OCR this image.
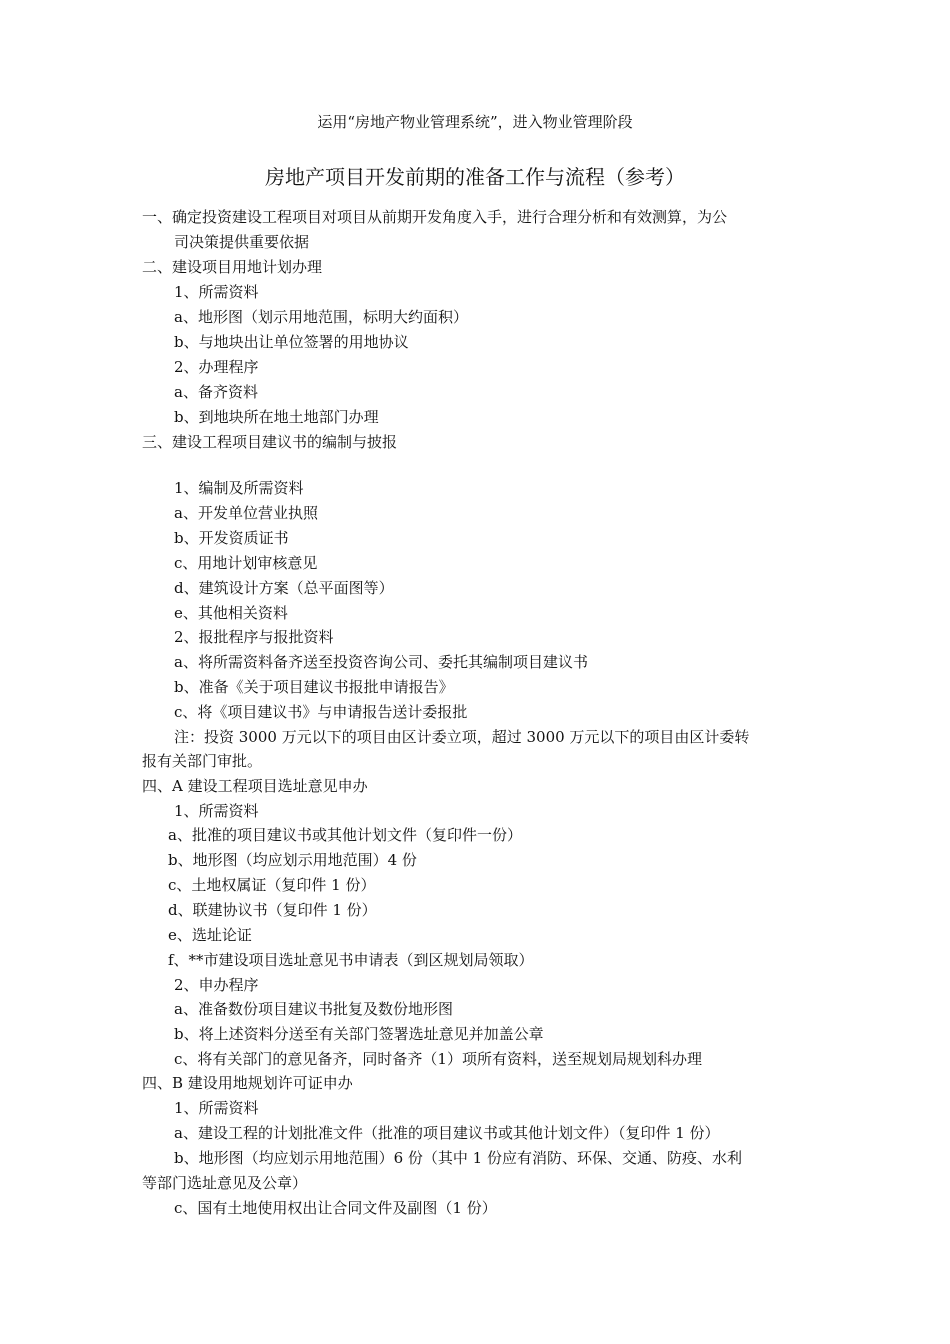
运用“房地产物业管理系统”，进入物业管理阶段
房地产项目开发前期的准备工作与流程（参考）
一、确定投资建设工程项目对项目从前期开发角度入手，进行合理分析和有效测算，为公
司决策提供重要依据
二、建设项目用地计划办理
1、所需资料
a、地形图（划示用地范围，标明大约面积）
b、与地块出让单位签署的用地协议
2、办理程序
a、备齐资料
b、到地块所在地土地部门办理
三、建设工程项目建议书的编制与披报
1、编制及所需资料
a、开发单位营业执照
b、开发资质证书
c、用地计划审核意见
d、建筑设计方案（总平面图等）
e、其他相关资料
2、报批程序与报批资料
a、将所需资料备齐送至投资咨询公司、委托其编制项目建议书
b、准备《关于项目建议书报批申请报告》
c、将《项目建议书》与申请报告送计委报批
注：投资 3000 万元以下的项目由区计委立项，超过 3000 万元以下的项目由区计委转
报有关部门审批。
四、A 建设工程项目选址意见申办
1、所需资料
a、批准的项目建议书或其他计划文件（复印件一份）
b、地形图（均应划示用地范围）4 份
c、土地权属证（复印件 1 份）
d、联建协议书（复印件 1 份）
e、选址论证
f、**市建设项目选址意见书申请表（到区规划局领取）
2、申办程序
a、准备数份项目建议书批复及数份地形图
b、将上述资料分送至有关部门签署选址意见并加盖公章
c、将有关部门的意见备齐，同时备齐（1）项所有资料，送至规划局规划科办理
四、B 建设用地规划许可证申办
1、所需资料
a、建设工程的计划批准文件（批准的项目建议书或其他计划文件）（复印件 1 份）
b、地形图（均应划示用地范围）6 份（其中 1 份应有消防、环保、交通、防疫、水利
等部门选址意见及公章）
c、国有土地使用权出让合同文件及副图（1 份）
